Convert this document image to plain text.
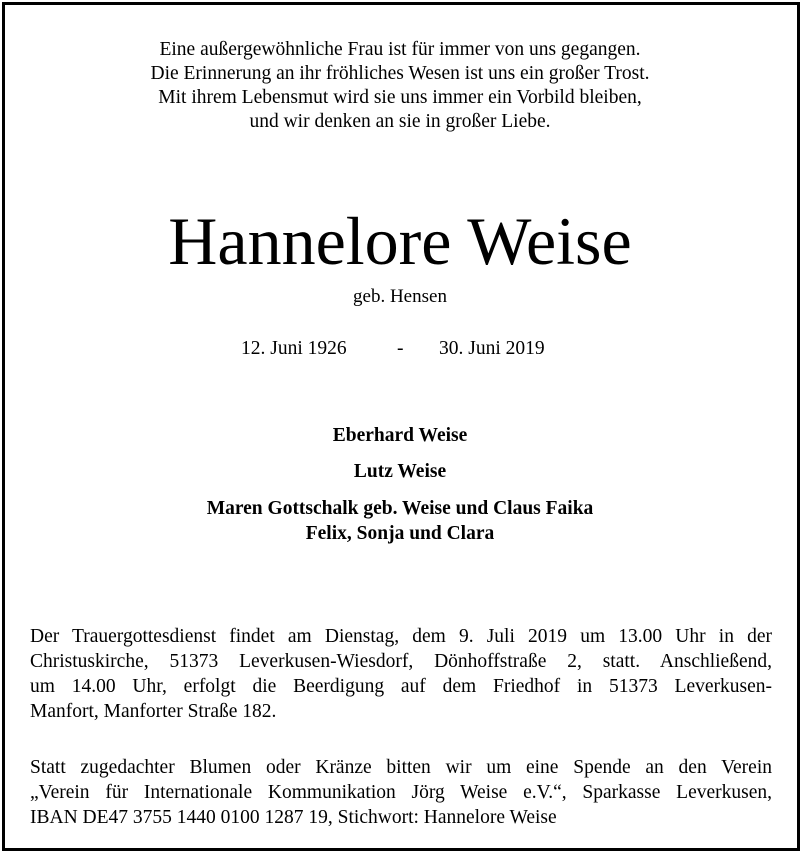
Eine außergewöhnliche Frau ist für immer von uns gegangen.
Die Erinnerung an ihr fröhliches Wesen ist uns ein großer Trost.
Mit ihrem Lebensmut wird sie uns immer ein Vorbild bleiben,
und wir denken an sie in großer Liebe.
Hannelore Weise
geb. Hensen
12. Juni 1926	- 30. Juni 2019
Eberhard Weise
Lutz Weise
Maren Gottschalk geb. Weise und Claus Faika
Felix, Sonja und Clara
Der Trauergottesdienst findet am Dienstag, dem 9. Juli 2019 um 13.00 Uhr in der
Christuskirche, 51373 Leverkusen-Wiesdorf, Dönhoffstraße 2, statt. Anschließend,
um 14.00 Uhr, erfolgt die Beerdigung auf dem Friedhof in 51373 Leverkusen-
Manfort, Manforter Straße 182.
Statt zugedachter Blumen oder Kränze bitten wir um eine Spende an den Verein
„Verein für Internationale Kommunikation Jörg Weise e.V.“, Sparkasse Leverkusen,
IBAN DE47 3755 1440 0100 1287 19, Stichwort: Hannelore Weise
